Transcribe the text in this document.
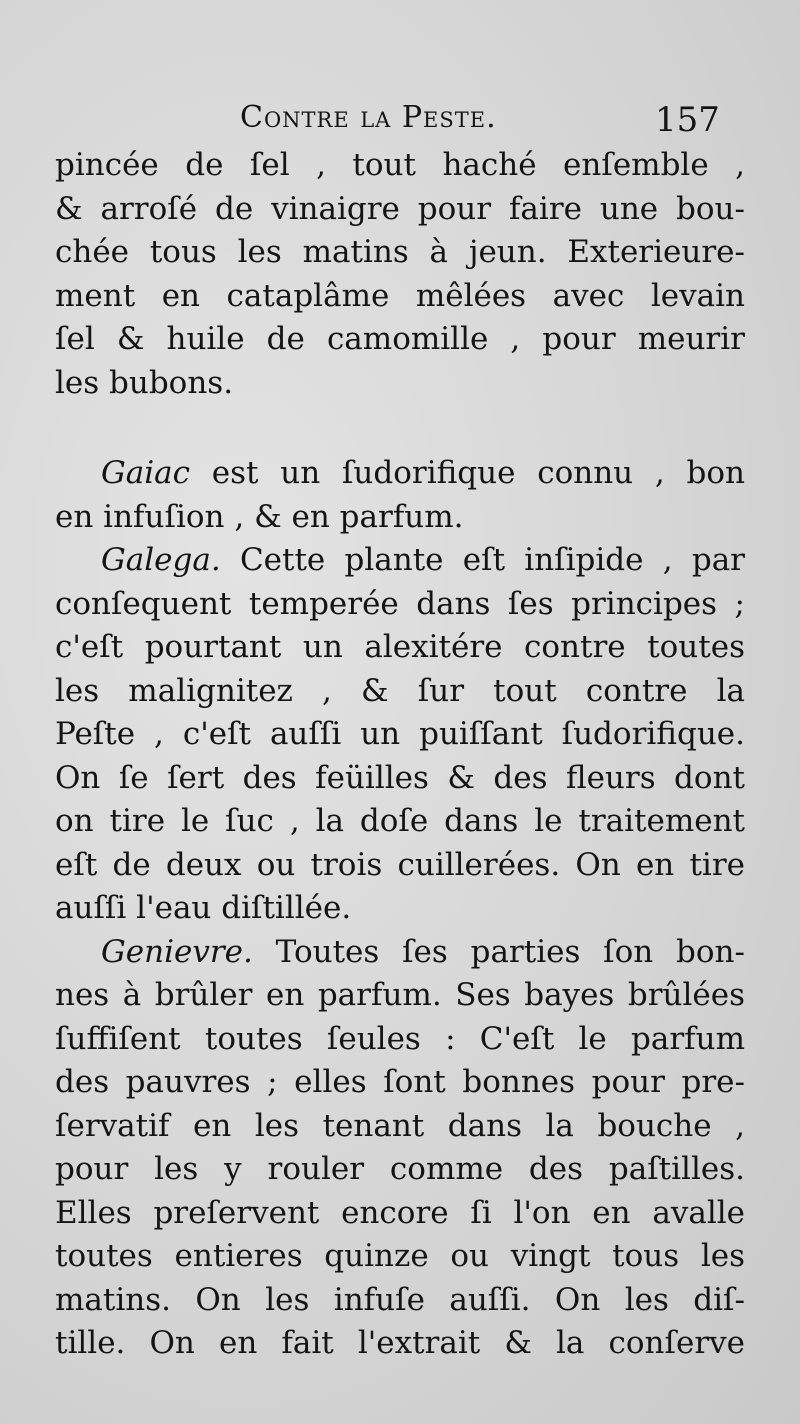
Contre la Peste.	157
pincée de ſel , tout haché enſemble ,
& arroſé de vinaigre pour faire une bou-
chée tous les matins à jeun. Exterieure-
ment en cataplâme mêlées avec levain
ſel & huile de camomille , pour meurir
les bubons.
Gaiac est un ſudorifique connu , bon
en infuſion , & en parfum.
Galega. Cette plante eſt inſipide , par
conſequent temperée dans ſes principes ;
c'eſt pourtant un alexitére contre toutes
les malignitez , & ſur tout contre la
Peſte , c'eſt auſſi un puiſſant ſudorifique.
On ſe ſert des feüilles & des fleurs dont
on tire le ſuc , la doſe dans le traitement
eſt de deux ou trois cuillerées. On en tire
auſſi l'eau diſtillée.
Genievre. Toutes ſes parties ſon bon-
nes à brûler en parfum. Ses bayes brûlées
ſuffiſent toutes ſeules : C'eſt le parfum
des pauvres ; elles ſont bonnes pour pre-
ſervatif en les tenant dans la bouche ,
pour les y rouler comme des paſtilles.
Elles preſervent encore ſi l'on en avalle
toutes entieres quinze ou vingt tous les
matins. On les infuſe auſſi. On les diſ-
tille. On en fait l'extrait & la conſerve
